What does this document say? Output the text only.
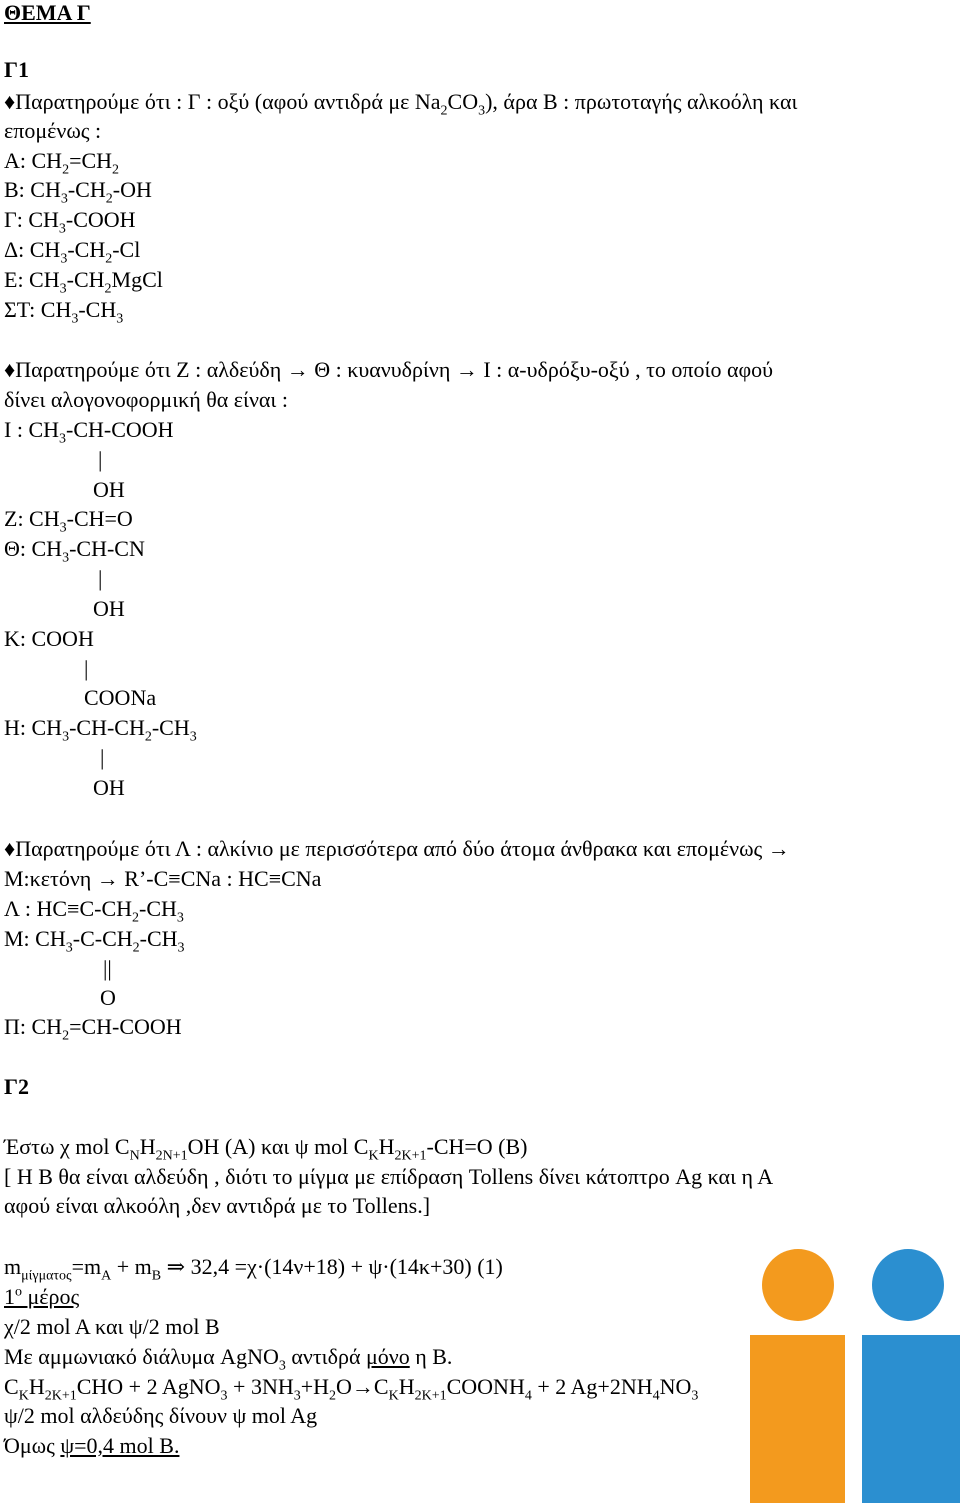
ΘΕΜΑ Γ
Γ1
♦Παρατηρούμε ότι : Γ : οξύ (αφού αντιδρά με $Na_2CO_3$), άρα Β : πρωτοταγής αλκοόλη και
επομένως :
A: $CH_2=CH_2$
B: $CH_3-CH_2-OH$
Γ: $CH_3$-COOH
Δ: $CH_3-CH_2-Cl$
E: $CH_3-CH_2MgCl$
ΣΤ: $CH_3-CH_3$
♦Παρατηρούμε ότι Ζ : αλδεύδη → Θ : κυανυδρίνη → Ι : α-υδρόξυ-οξύ , το οποίο αφού
δίνει αλογονοφορμική θα είναι :
Ι : $CH_3-CH$-COOH
|
OH
Ζ: $CH_3-CH=O$
Θ: $CH_3-CH-CN$
|
OH
Κ: COOH
|
COONa
Η: $CH_3-CH-CH_2-CH_3$
|
OH
♦Παρατηρούμε ότι Λ : αλκίνιο με περισσότερα από δύο άτομα άνθρακα και επομένως →
Μ:κετόνη → R’-C≡CNa : HC≡CNa
Λ : $HC\equiv C-CH_2-CH_3$
Μ: $CH_3-C-CH_2-CH_3$
||
O
Π: $CH_2=CH$-COOH
Γ2
Έστω χ mol $C_NH_{2N+1}OH$ (A) και ψ mol $C_KH_{2K+1}-CH=O$ (B)
[ Η Β θα είναι αλδεύδη , διότι το μίγμα με επίδραση Tollens δίνει κάτοπτρο Ag και η Α
αφού είναι αλκοόλη ,δεν αντιδρά με το Tollens.]
$m_{\mu ί\gamma\mu\alpha\tau o\varsigma}=m_A + m_B$ ⇒ 32,4 =χ·(14ν+18) + ψ·(14κ+30) (1)
$1^o$ μέρος
χ/2 mol A και ψ/2 mol B
Με αμμωνιακό διάλυμα AgNO$_3$ αντιδρά μόνο η Β.
$C_KH_{2K+1}CHO + 2$ AgNO$_3$ + $3NH_3+H_2O\to C_KH_{2K+1}COONH_4 + 2$ $Ag+2NH_4NO_3$
ψ/2 mol αλδεύδης δίνουν ψ mol Ag
Όμως ψ=0,4 mol B.
